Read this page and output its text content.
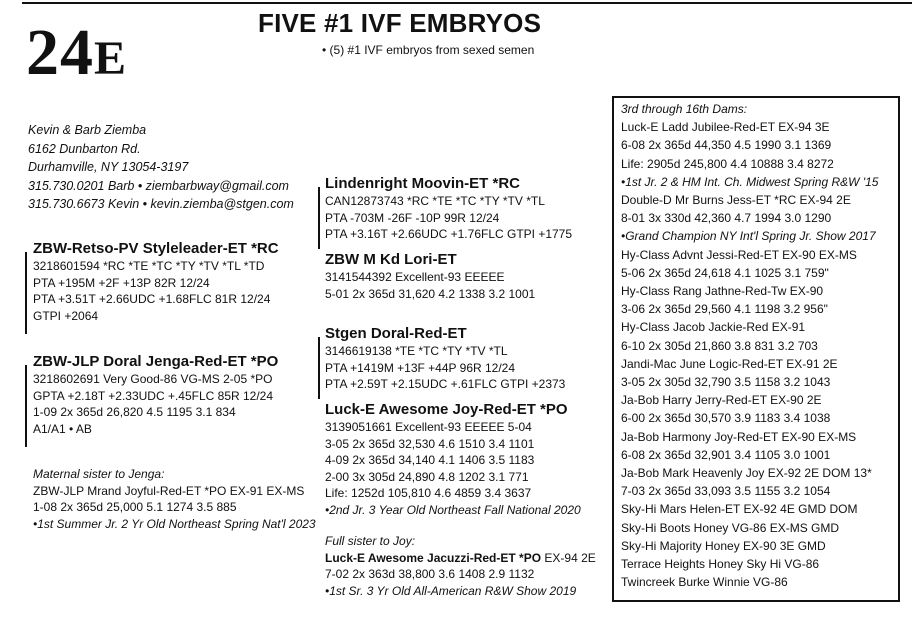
24E
FIVE #1 IVF EMBRYOS
• (5) #1 IVF embryos from sexed semen
Kevin & Barb Ziemba
6162 Dunbarton Rd.
Durhamville, NY 13054-3197
315.730.0201 Barb • ziembarbway@gmail.com
315.730.6673 Kevin • kevin.ziemba@stgen.com
ZBW-Retso-PV Styleleader-ET *RC
3218601594 *RC *TE *TC *TY *TV *TL *TD
PTA +195M +2F +13P 82R 12/24
PTA +3.51T +2.66UDC +1.68FLC 81R 12/24
GTPI +2064
ZBW-JLP Doral Jenga-Red-ET *PO
3218602691 Very Good-86 VG-MS 2-05 *PO
GPTA +2.18T +2.33UDC +.45FLC 85R 12/24
1-09 2x 365d 26,820 4.5 1195 3.1 834
A1/A1 • AB
Maternal sister to Jenga:
ZBW-JLP Mrand Joyful-Red-ET *PO EX-91 EX-MS
1-08 2x 365d 25,000 5.1 1274 3.5 885
•1st Summer Jr. 2 Yr Old Northeast Spring Nat'l 2023
Lindenright Moovin-ET *RC
CAN12873743 *RC *TE *TC *TY *TV *TL
PTA -703M -26F -10P 99R 12/24
PTA +3.16T +2.66UDC +1.76FLC GTPI +1775
ZBW M Kd Lori-ET
3141544392 Excellent-93 EEEEE
5-01 2x 365d 31,620 4.2 1338 3.2 1001
Stgen Doral-Red-ET
3146619138 *TE *TC *TY *TV *TL
PTA +1419M +13F +44P 96R 12/24
PTA +2.59T +2.15UDC +.61FLC GTPI +2373
Luck-E Awesome Joy-Red-ET *PO
3139051661 Excellent-93 EEEEE 5-04
3-05 2x 365d 32,530 4.6 1510 3.4 1101
4-09 2x 365d 34,140 4.1 1406 3.5 1183
2-00 3x 305d 24,890 4.8 1202 3.1 771
Life: 1252d 105,810 4.6 4859 3.4 3637
•2nd Jr. 3 Year Old Northeast Fall National 2020
Full sister to Joy:
Luck-E Awesome Jacuzzi-Red-ET *PO EX-94 2E
7-02 2x 363d 38,800 3.6 1408 2.9 1132
•1st Sr. 3 Yr Old All-American R&W Show 2019
3rd through 16th Dams:
Luck-E Ladd Jubilee-Red-ET EX-94 3E
6-08 2x 365d 44,350 4.5 1990 3.1 1369
Life: 2905d 245,800 4.4 10888 3.4 8272
•1st Jr. 2 & HM Int. Ch. Midwest Spring R&W '15
Double-D Mr Burns Jess-ET *RC EX-94 2E
8-01 3x 330d 42,360 4.7 1994 3.0 1290
•Grand Champion NY Int'l Spring Jr. Show 2017
Hy-Class Advnt Jessi-Red-ET EX-90 EX-MS
5-06 2x 365d 24,618 4.1 1025 3.1 759"
Hy-Class Rang Jathne-Red-Tw EX-90
3-06 2x 365d 29,560 4.1 1198 3.2 956"
Hy-Class Jacob Jackie-Red EX-91
6-10 2x 305d 21,860 3.8 831 3.2 703
Jandi-Mac June Logic-Red-ET EX-91 2E
3-05 2x 305d 32,790 3.5 1158 3.2 1043
Ja-Bob Harry Jerry-Red-ET EX-90 2E
6-00 2x 365d 30,570 3.9 1183 3.4 1038
Ja-Bob Harmony Joy-Red-ET EX-90 EX-MS
6-08 2x 365d 32,901 3.4 1105 3.0 1001
Ja-Bob Mark Heavenly Joy EX-92 2E DOM 13*
7-03 2x 365d 33,093 3.5 1155 3.2 1054
Sky-Hi Mars Helen-ET EX-92 4E GMD DOM
Sky-Hi Boots Honey VG-86 EX-MS GMD
Sky-Hi Majority Honey EX-90 3E GMD
Terrace Heights Honey Sky Hi VG-86
Twincreek Burke Winnie VG-86
